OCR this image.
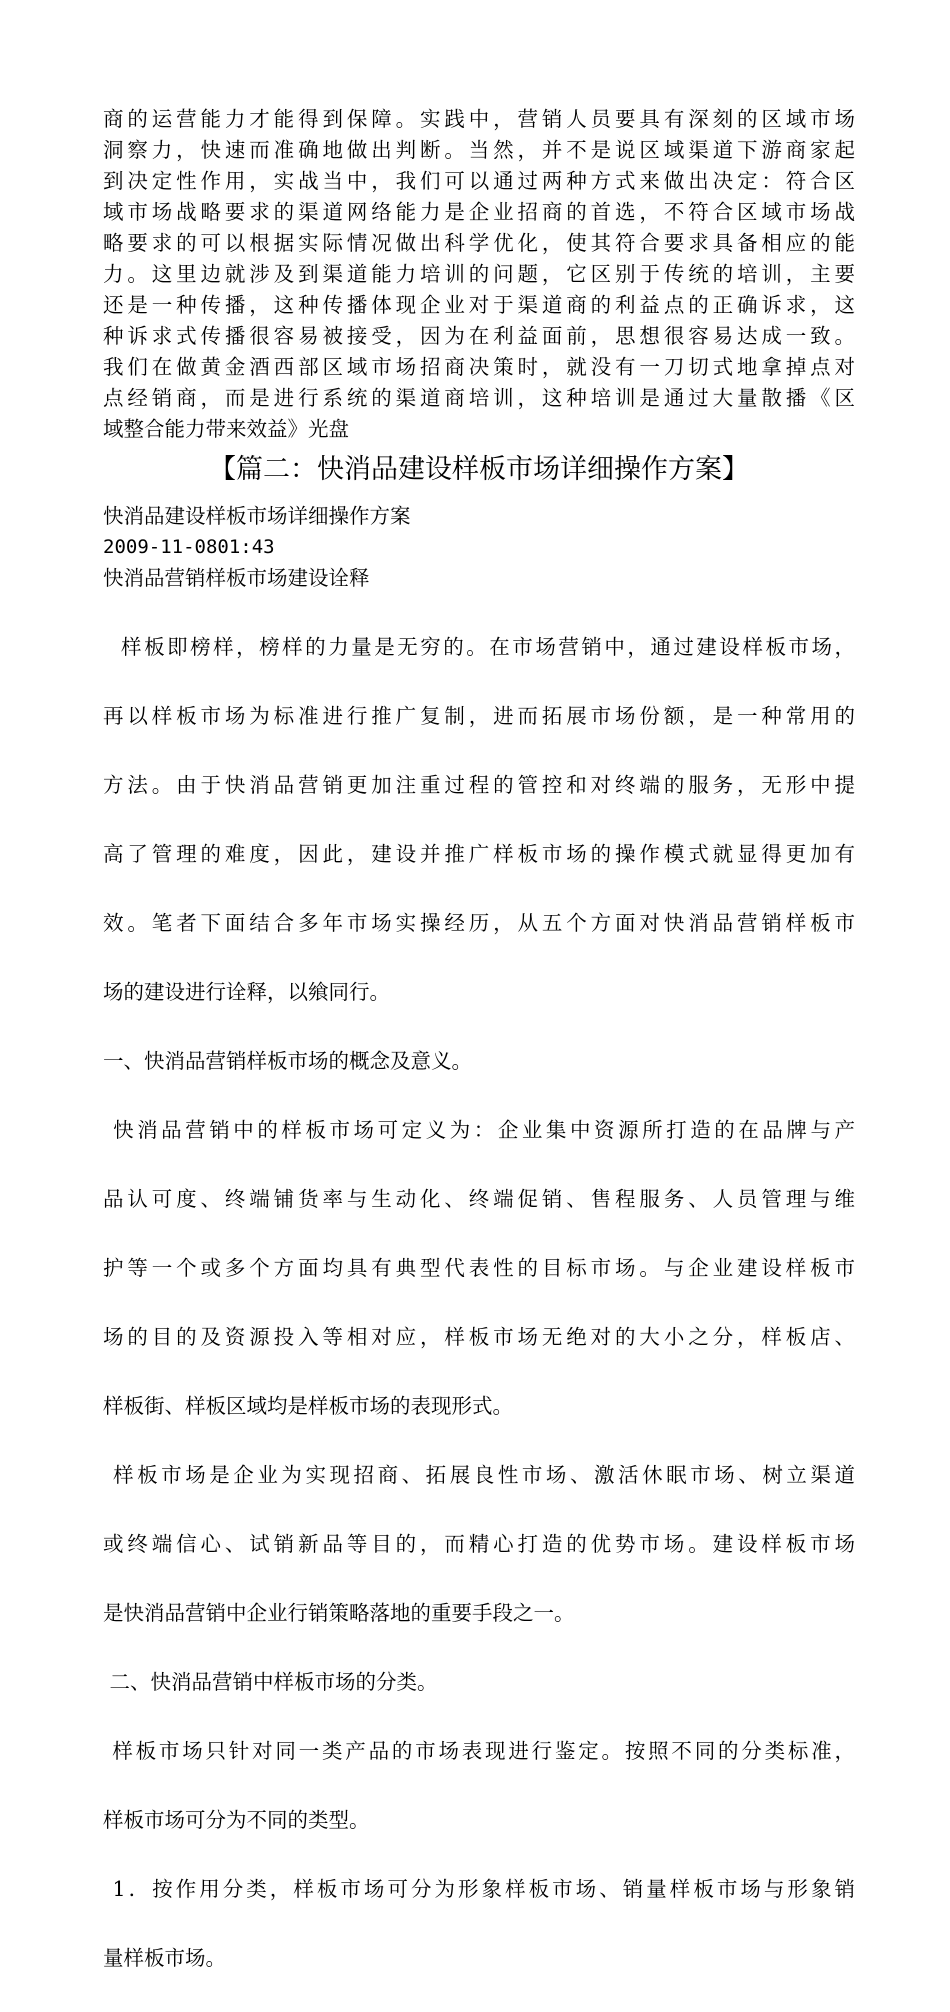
商的运营能力才能得到保障。实践中，营销人员要具有深刻的区域市场
洞察力，快速而准确地做出判断。当然，并不是说区域渠道下游商家起
到决定性作用，实战当中，我们可以通过两种方式来做出决定：符合区
域市场战略要求的渠道网络能力是企业招商的首选，不符合区域市场战
略要求的可以根据实际情况做出科学优化，使其符合要求具备相应的能
力。这里边就涉及到渠道能力培训的问题，它区别于传统的培训，主要
还是一种传播，这种传播体现企业对于渠道商的利益点的正确诉求，这
种诉求式传播很容易被接受，因为在利益面前，思想很容易达成一致。
我们在做黄金酒西部区域市场招商决策时，就没有一刀切式地拿掉点对
点经销商，而是进行系统的渠道商培训，这种培训是通过大量散播《区
域整合能力带来效益》光盘
【篇二：快消品建设样板市场详细操作方案】
快消品建设样板市场详细操作方案
2009-11-0801:43
快消品营销样板市场建设诠释

样板即榜样，榜样的力量是无穷的。在市场营销中，通过建设样板市场，

再以样板市场为标准进行推广复制，进而拓展市场份额，是一种常用的

方法。由于快消品营销更加注重过程的管控和对终端的服务，无形中提

高了管理的难度，因此，建设并推广样板市场的操作模式就显得更加有

效。笔者下面结合多年市场实操经历，从五个方面对快消品营销样板市

场的建设进行诠释，以飨同行。

一、快消品营销样板市场的概念及意义。

快消品营销中的样板市场可定义为：企业集中资源所打造的在品牌与产

品认可度、终端铺货率与生动化、终端促销、售程服务、人员管理与维

护等一个或多个方面均具有典型代表性的目标市场。与企业建设样板市

场的目的及资源投入等相对应，样板市场无绝对的大小之分，样板店、

样板街、样板区域均是样板市场的表现形式。

样板市场是企业为实现招商、拓展良性市场、激活休眠市场、树立渠道

或终端信心、试销新品等目的，而精心打造的优势市场。建设样板市场

是快消品营销中企业行销策略落地的重要手段之一。

二、快消品营销中样板市场的分类。

样板市场只针对同一类产品的市场表现进行鉴定。按照不同的分类标准，

样板市场可分为不同的类型。

1．按作用分类，样板市场可分为形象样板市场、销量样板市场与形象销

量样板市场。
